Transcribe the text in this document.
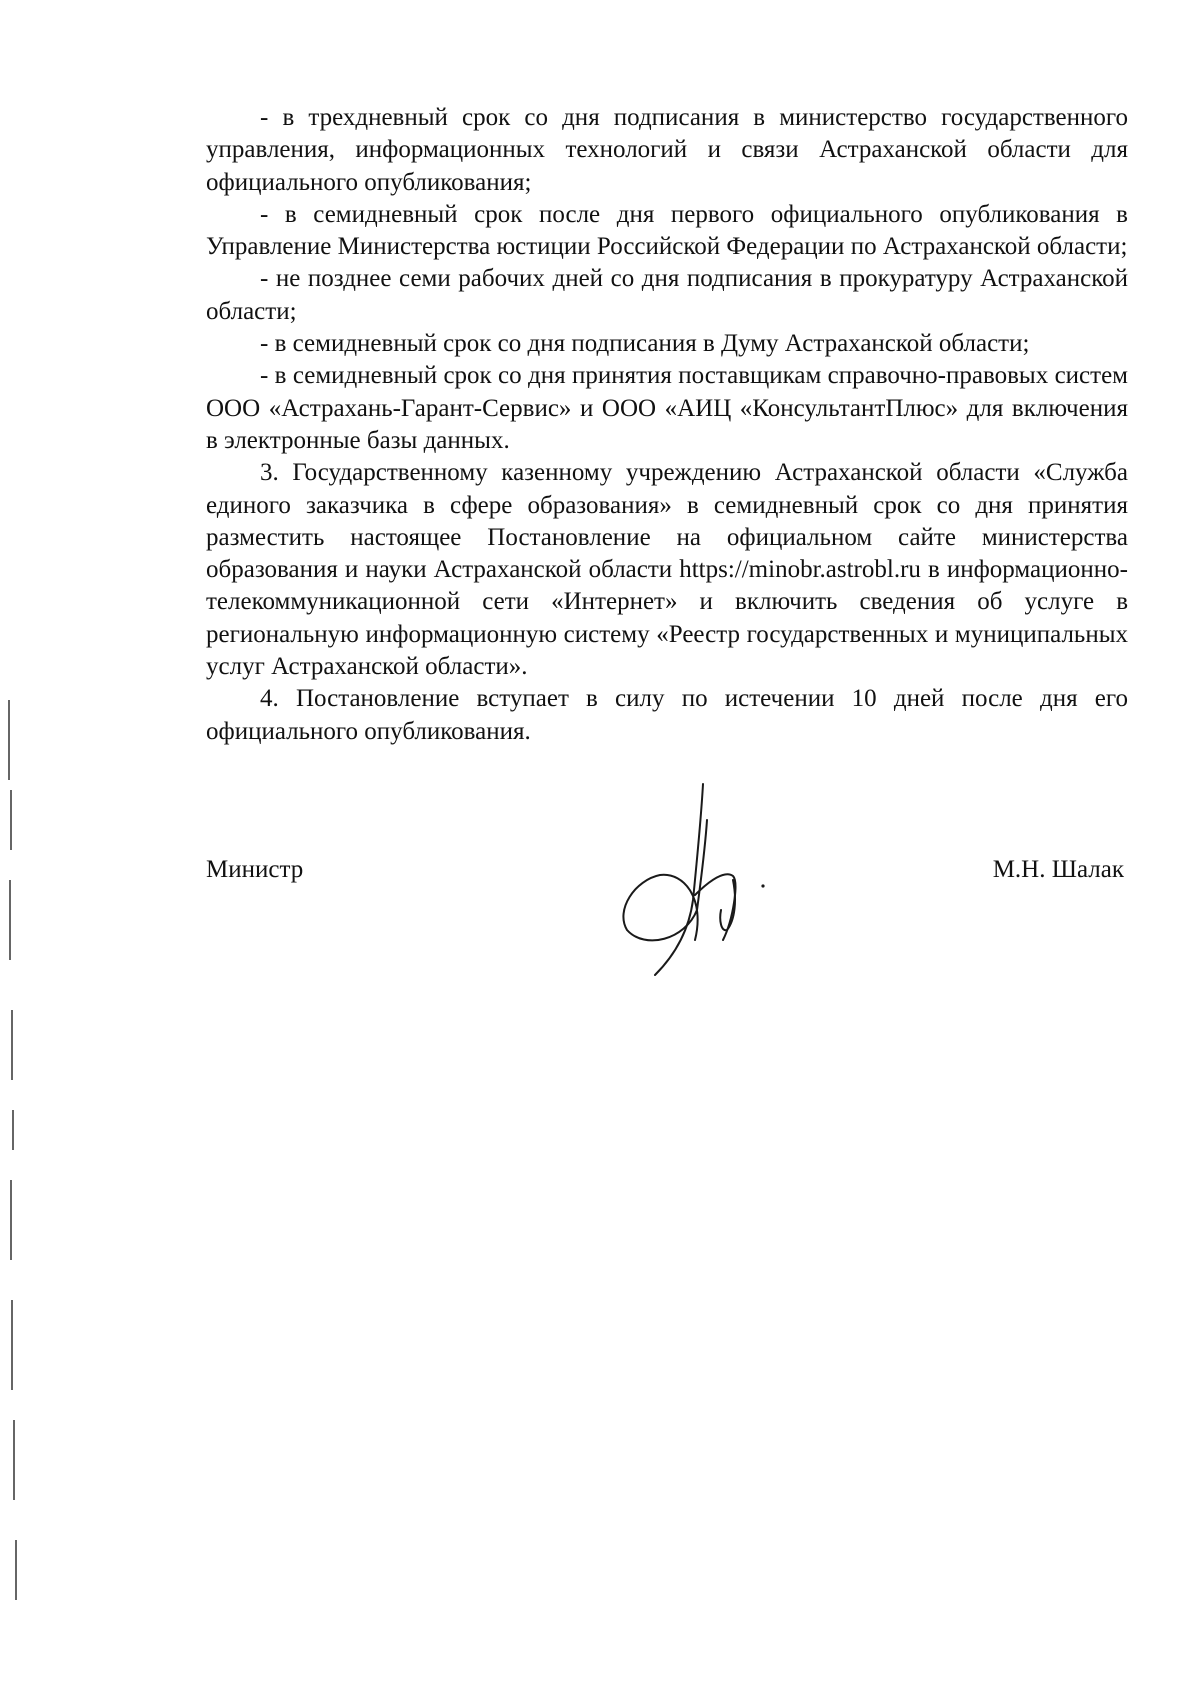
- в трехдневный срок со дня подписания в министерство государственного управления, информационных технологий и связи Астраханской области для официального опубликования;

- в семидневный срок после дня первого официального опубликования в Управление Министерства юстиции Российской Федерации по Астраханской области;

- не позднее семи рабочих дней со дня подписания в прокуратуру Астраханской области;

- в семидневный срок со дня подписания в Думу Астраханской области;

- в семидневный срок со дня принятия поставщикам справочно-правовых систем ООО «Астрахань-Гарант-Сервис» и ООО «АИЦ «КонсультантПлюс» для включения в электронные базы данных.

3. Государственному казенному учреждению Астраханской области «Служба единого заказчика в сфере образования» в семидневный срок со дня принятия разместить настоящее Постановление на официальном сайте министерства образования и науки Астраханской области https://minobr.astrobl.ru в информационно-телекоммуникационной сети «Интернет» и включить сведения об услуге в региональную информационную систему «Реестр государственных и муниципальных услуг Астраханской области».

4. Постановление вступает в силу по истечении 10 дней после дня его официального опубликования.

Министр	М.Н. Шалак
